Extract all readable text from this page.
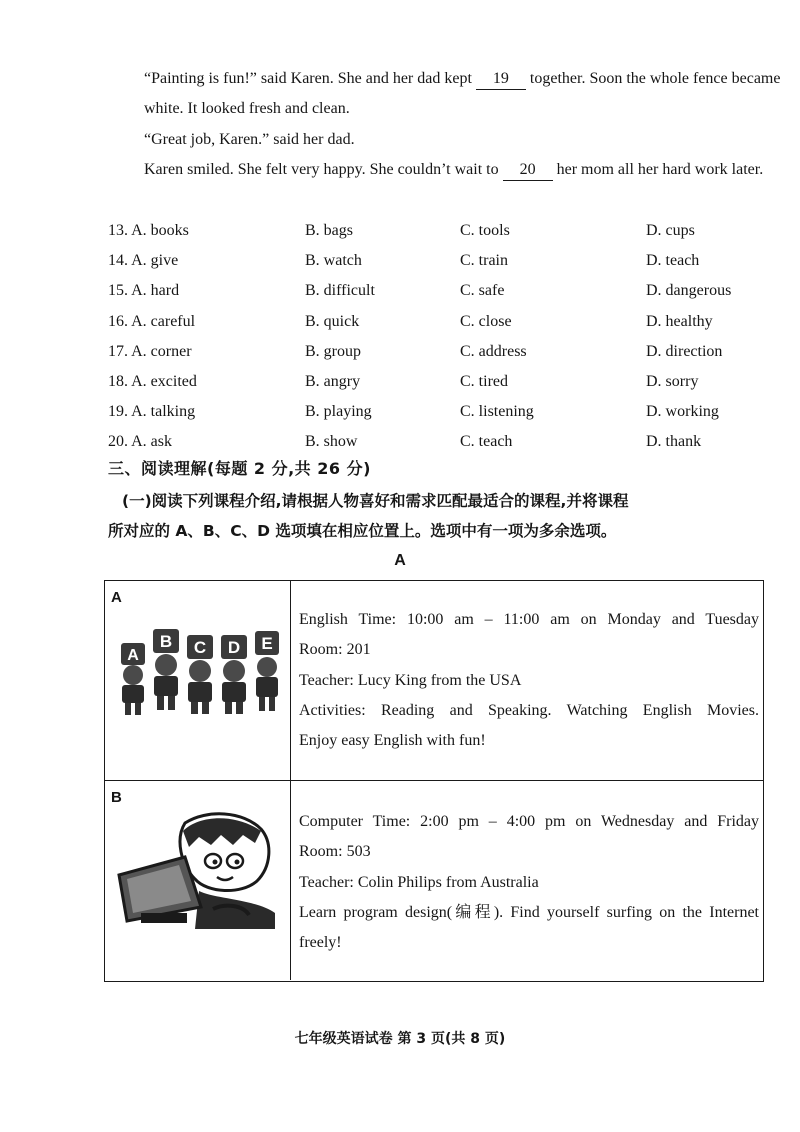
“Painting is fun!” said Karen. She and her dad kept 19 together. Soon the whole fence became white. It looked fresh and clean.
“Great job, Karen.” said her dad.
Karen smiled. She felt very happy. She couldn’t wait to 20 her mom all her hard work later.
13. A. books	B. bags	C. tools	D. cups
14. A. give	B. watch	C. train	D. teach
15. A. hard	B. difficult	C. safe	D. dangerous
16. A. careful	B. quick	C. close	D. healthy
17. A. corner	B. group	C. address	D. direction
18. A. excited	B. angry	C. tired	D. sorry
19. A. talking	B. playing	C. listening	D. working
20. A. ask	B. show	C. teach	D. thank
三、阅读理解(每题 2 分,共 26 分)
(一)阅读下列课程介绍,请根据人物喜好和需求匹配最适合的课程,并将课程
所对应的 A、B、C、D 选项填在相应位置上。选项中有一项为多余选项。
A
A
A
B C D E

English Time: 10:00 am – 11:00 am on Monday and Tuesday

Room: 201

Teacher: Lucy King from the USA

Activities: Reading and Speaking. Watching English Movies.

Enjoy easy English with fun!

B

Computer Time: 2:00 pm – 4:00 pm on Wednesday and Friday

Room: 503

Teacher: Colin Philips from Australia

Learn program design(编程). Find yourself surfing on the Internet

freely!

七年级英语试卷 第 3 页(共 8 页)
